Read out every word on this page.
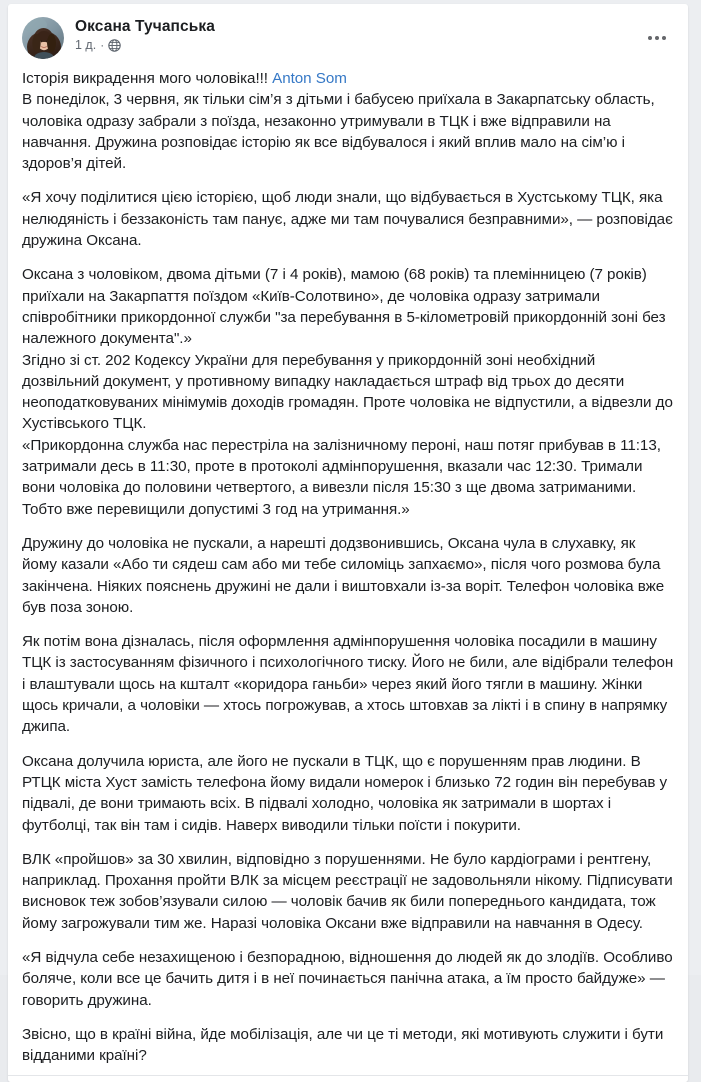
Оксана Тучапська
1 д. ·

Історія викрадення мого чоловіка!!! Anton Som

В понеділок, 3 червня, як тільки сім’я з дітьми і бабусею приїхала в Закарпатську область, чоловіка одразу забрали з поїзда, незаконно утримували в ТЦК і вже відправили на навчання. Дружина розповідає історію як все відбувалося і який вплив мало на сім’ю і здоров’я дітей.

«Я хочу поділитися цією історією, щоб люди знали, що відбувається в Хустському ТЦК, яка нелюдяність і беззаконість там панує, адже ми там почувалися безправними», — розповідає дружина Оксана.

Оксана з чоловіком, двома дітьми (7 і 4 років), мамою (68 років) та племінницею (7 років) приїхали на Закарпаття поїздом «Київ-Солотвино», де чоловіка одразу затримали співробітники прикордонної служби "за перебування в 5-кілометровій прикордонній зоні без належного документа".»

Згідно зі ст. 202 Кодексу України для перебування у прикордонній зоні необхідний дозвільний документ, у противному випадку накладається штраф від трьох до десяти неоподатковуваних мінімумів доходів громадян. Проте чоловіка не відпустили, а відвезли до Хустівського ТЦК.

«Прикордонна служба нас перестріла на залізничному пероні, наш потяг прибував в 11:13, затримали десь в 11:30, проте в протоколі адмінпорушення, вказали час 12:30. Тримали вони чоловіка до половини четвертого, а вивезли після 15:30 з ще двома затриманими. Тобто вже перевищили допустимі 3 год на утримання.»

Дружину до чоловіка не пускали, а нарешті додзвонившись, Оксана чула в слухавку, як йому казали «Або ти сядеш сам або ми тебе силоміць запхаємо», після чого розмова була закінчена. Ніяких пояснень дружині не дали і виштовхали із-за воріт. Телефон чоловіка вже був поза зоною.

Як потім вона дізналась, після оформлення адмінпорушення чоловіка посадили в машину ТЦК із застосуванням фізичного і психологічного тиску. Його не били, але відібрали телефон і влаштували щось на кшталт «коридора ганьби» через який його тягли в машину. Жінки щось кричали, а чоловіки — хтось погрожував, а хтось штовхав за лікті і в спину в напрямку джипа.

Оксана долучила юриста, але його не пускали в ТЦК, що є порушенням прав людини. В РТЦК міста Хуст замість телефона йому видали номерок і близько 72 годин він перебував у підвалі, де вони тримають всіх. В підвалі холодно, чоловіка як затримали в шортах і футболці, так він там і сидів. Наверх виводили тільки поїсти і покурити.

ВЛК «пройшов» за 30 хвилин, відповідно з порушеннями. Не було кардіограми і рентгену, наприклад. Прохання пройти ВЛК за місцем реєстрації не задовольняли нікому. Підписувати висновок теж зобов’язували силою — чоловік бачив як били попереднього кандидата, тож йому загрожували тим же. Наразі чоловіка Оксани вже відправили на навчання в Одесу.

«Я відчула себе незахищеною і безпорадною, відношення до людей як до злодіїв. Особливо боляче, коли все це бачить дитя і в неї починається панічна атака, а їм просто байдуже» — говорить дружина.

Звісно, що в країні війна, йде мобілізація, але чи це ті методи, які мотивують служити і бути відданими країні?
